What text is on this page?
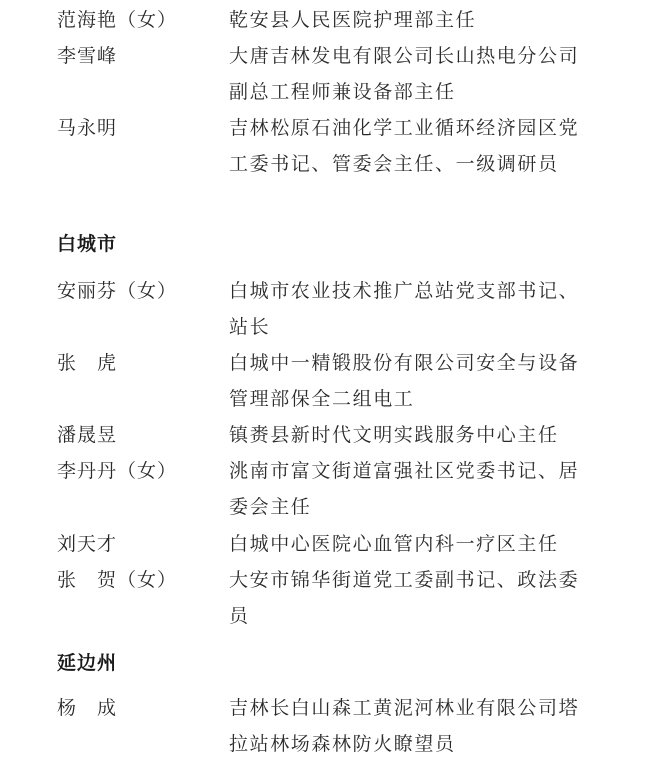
范海艳（女）	乾安县人民医院护理部主任
李雪峰	大唐吉林发电有限公司长山热电分公司副总工程师兼设备部主任
马永明	吉林松原石油化学工业循环经济园区党工委书记、管委会主任、一级调研员
白城市
安丽芬（女）	白城市农业技术推广总站党支部书记、站长
张　虎	白城中一精锻股份有限公司安全与设备管理部保全二组电工
潘晟昱	镇赉县新时代文明实践服务中心主任
李丹丹（女）	洮南市富文街道富强社区党委书记、居委会主任
刘天才	白城中心医院心血管内科一疗区主任
张　贺（女）	大安市锦华街道党工委副书记、政法委员
延边州
杨　成	吉林长白山森工黄泥河林业有限公司塔拉站林场森林防火瞭望员
